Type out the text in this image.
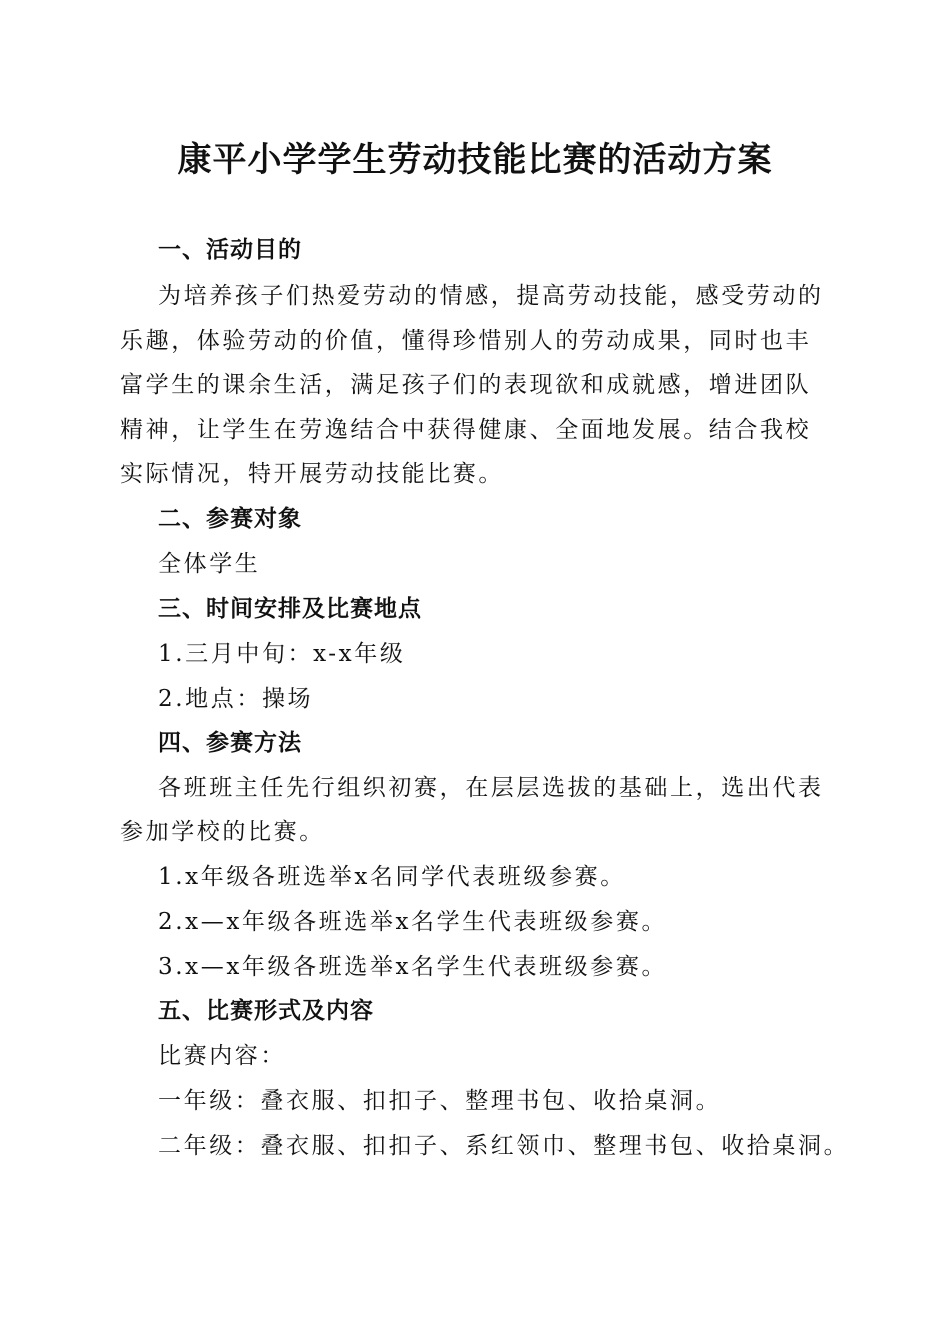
康平小学学生劳动技能比赛的活动方案
一、活动目的
为培养孩子们热爱劳动的情感，提高劳动技能，感受劳动的
乐趣，体验劳动的价值，懂得珍惜别人的劳动成果，同时也丰
富学生的课余生活，满足孩子们的表现欲和成就感，增进团队
精神，让学生在劳逸结合中获得健康、全面地发展。结合我校
实际情况，特开展劳动技能比赛。
二、参赛对象
全体学生
三、时间安排及比赛地点
1.三月中旬：x-x年级
2.地点：操场
四、参赛方法
各班班主任先行组织初赛，在层层选拔的基础上，选出代表
参加学校的比赛。
1.x年级各班选举x名同学代表班级参赛。
2.x—x年级各班选举x名学生代表班级参赛。
3.x—x年级各班选举x名学生代表班级参赛。
五、比赛形式及内容
比赛内容：
一年级：叠衣服、扣扣子、整理书包、收拾桌洞。
二年级：叠衣服、扣扣子、系红领巾、整理书包、收拾桌洞。
